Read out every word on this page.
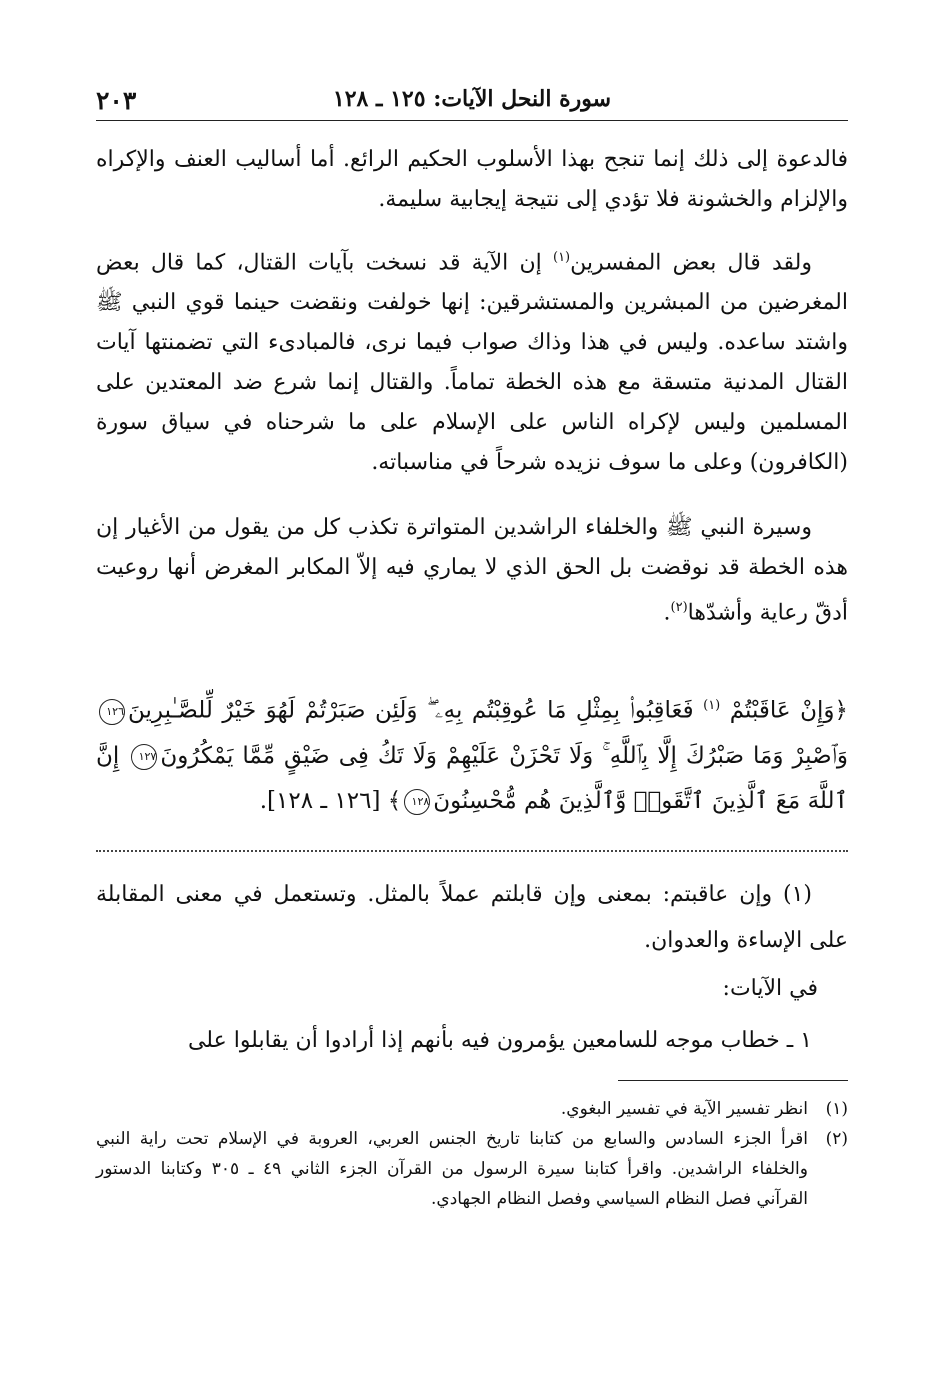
سورة النحل الآيات: ١٢٥ ـ ١٢٨
٢٠٣

فالدعوة إلى ذلك إنما تنجح بهذا الأسلوب الحكيم الرائع. أما أساليب العنف والإكراه والإلزام والخشونة فلا تؤدي إلى نتيجة إيجابية سليمة.

ولقد قال بعض المفسرين$^{(١)}$ إن الآية قد نسخت بآيات القتال، كما قال بعض المغرضين من المبشرين والمستشرقين: إنها خولفت ونقضت حينما قوي النبي ﷺ واشتد ساعده. وليس في هذا وذاك صواب فيما نرى، فالمبادىء التي تضمنتها آيات القتال المدنية متسقة مع هذه الخطة تماماً. والقتال إنما شرع ضد المعتدين على المسلمين وليس لإكراه الناس على الإسلام على ما شرحناه في سياق سورة (الكافرون) وعلى ما سوف نزيده شرحاً في مناسباته.

وسيرة النبي ﷺ والخلفاء الراشدين المتواترة تكذب كل من يقول من الأغيار إن هذه الخطة قد نوقضت بل الحق الذي لا يماري فيه إلاّ المكابر المغرض أنها روعيت أدقّ رعاية وأشدّها$^{(٢)}$.

﴿وَإِنْ عَاقَبْتُمْ $^{(١)}$ فَعَاقِبُوا۟ بِمِثْلِ مَا عُوقِبْتُم بِهِۦ ۖ وَلَئِن صَبَرْتُمْ لَهُوَ خَيْرٌ لِّلصَّـٰبِرِينَ١٢٦ وَٱصْبِرْ وَمَا صَبْرُكَ إِلَّا بِٱللَّهِ ۚ وَلَا تَحْزَنْ عَلَيْهِمْ وَلَا تَكُ فِى ضَيْقٍ مِّمَّا يَمْكُرُونَ١٢٧ إِنَّ ٱللَّهَ مَعَ ٱلَّذِينَ ٱتَّقَوا۟ وَّٱلَّذِينَ هُم مُّحْسِنُونَ١٢٨﴾ [١٢٦ ـ ١٢٨].

(١) وإن عاقبتم: بمعنى وإن قابلتم عملاً بالمثل. وتستعمل في معنى المقابلة على الإساءة والعدوان.

في الآيات:

١ ـ خطاب موجه للسامعين يؤمرون فيه بأنهم إذا أرادوا أن يقابلوا على

(١)
انظر تفسير الآية في تفسير البغوي.
(٢)
اقرأ الجزء السادس والسابع من كتابنا تاريخ الجنس العربي، العروبة في الإسلام تحت راية النبي والخلفاء الراشدين. واقرأ كتابنا سيرة الرسول من القرآن الجزء الثاني ٤٩ ـ ٣٠٥ وكتابنا الدستور القرآني فصل النظام السياسي وفصل النظام الجهادي.
